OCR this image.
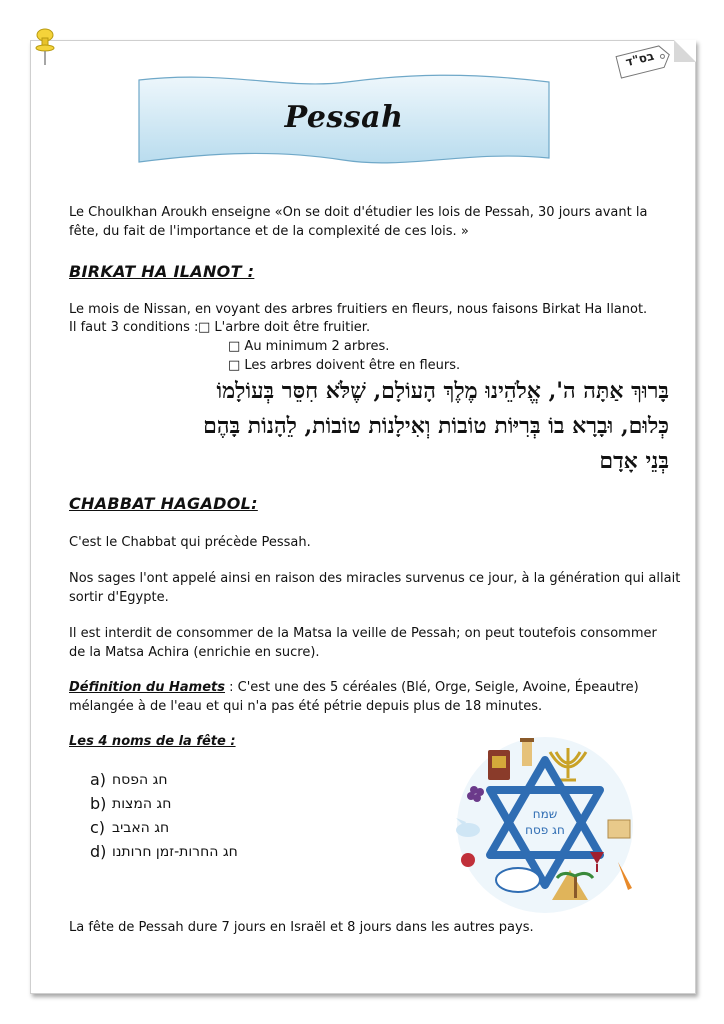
בס"ד
Pessah
Le Choulkhan Aroukh enseigne «On se doit d'étudier les lois de Pessah, 30 jours avant la
fête, du fait de l'importance et de la complexité de ces lois. »
BIRKAT HA ILANOT :
Le mois de Nissan, en voyant des arbres fruitiers en fleurs, nous faisons Birkat Ha Ilanot.
Il faut 3 conditions : □ L'arbre doit être fruitier.
□ Au minimum 2 arbres.
□ Les arbres doivent être en fleurs.
בָּרוּךְ אַתָּה ה', אֱלֹהֵינוּ מֶלֶךְ הָעוֹלָם, שֶׁלֹּא חִסֵּר בְּעוֹלָמוֹ
כְּלוּם, וּבָרָא בוֹ בְּרִיּוֹת טוֹבוֹת וְאִילָנוֹת טוֹבוֹת, לֵהָנוֹת בָּהֶם
בְּנֵי אָדָם
CHABBAT HAGADOL:
C'est le Chabbat qui précède Pessah.
Nos sages l'ont appelé ainsi en raison des miracles survenus ce jour, à la génération qui allait
sortir d'Egypte.
Il est interdit de consommer de la Matsa la veille de Pessah; on peut toutefois consommer
de la Matsa Achira (enrichie en sucre).
Définition du Hamets : C'est une des 5 céréales (Blé, Orge, Seigle, Avoine, Épeautre)
mélangée à de l'eau et qui n'a pas été pétrie depuis plus de 18 minutes.
Les 4 noms de la fête :
a) חג הפסח
b) חג המצות
c) חג האביב
d) חג החרות-זמן חרותנו
שמח
חג פסח
La fête de Pessah dure 7 jours en Israël et 8 jours dans les autres pays.
